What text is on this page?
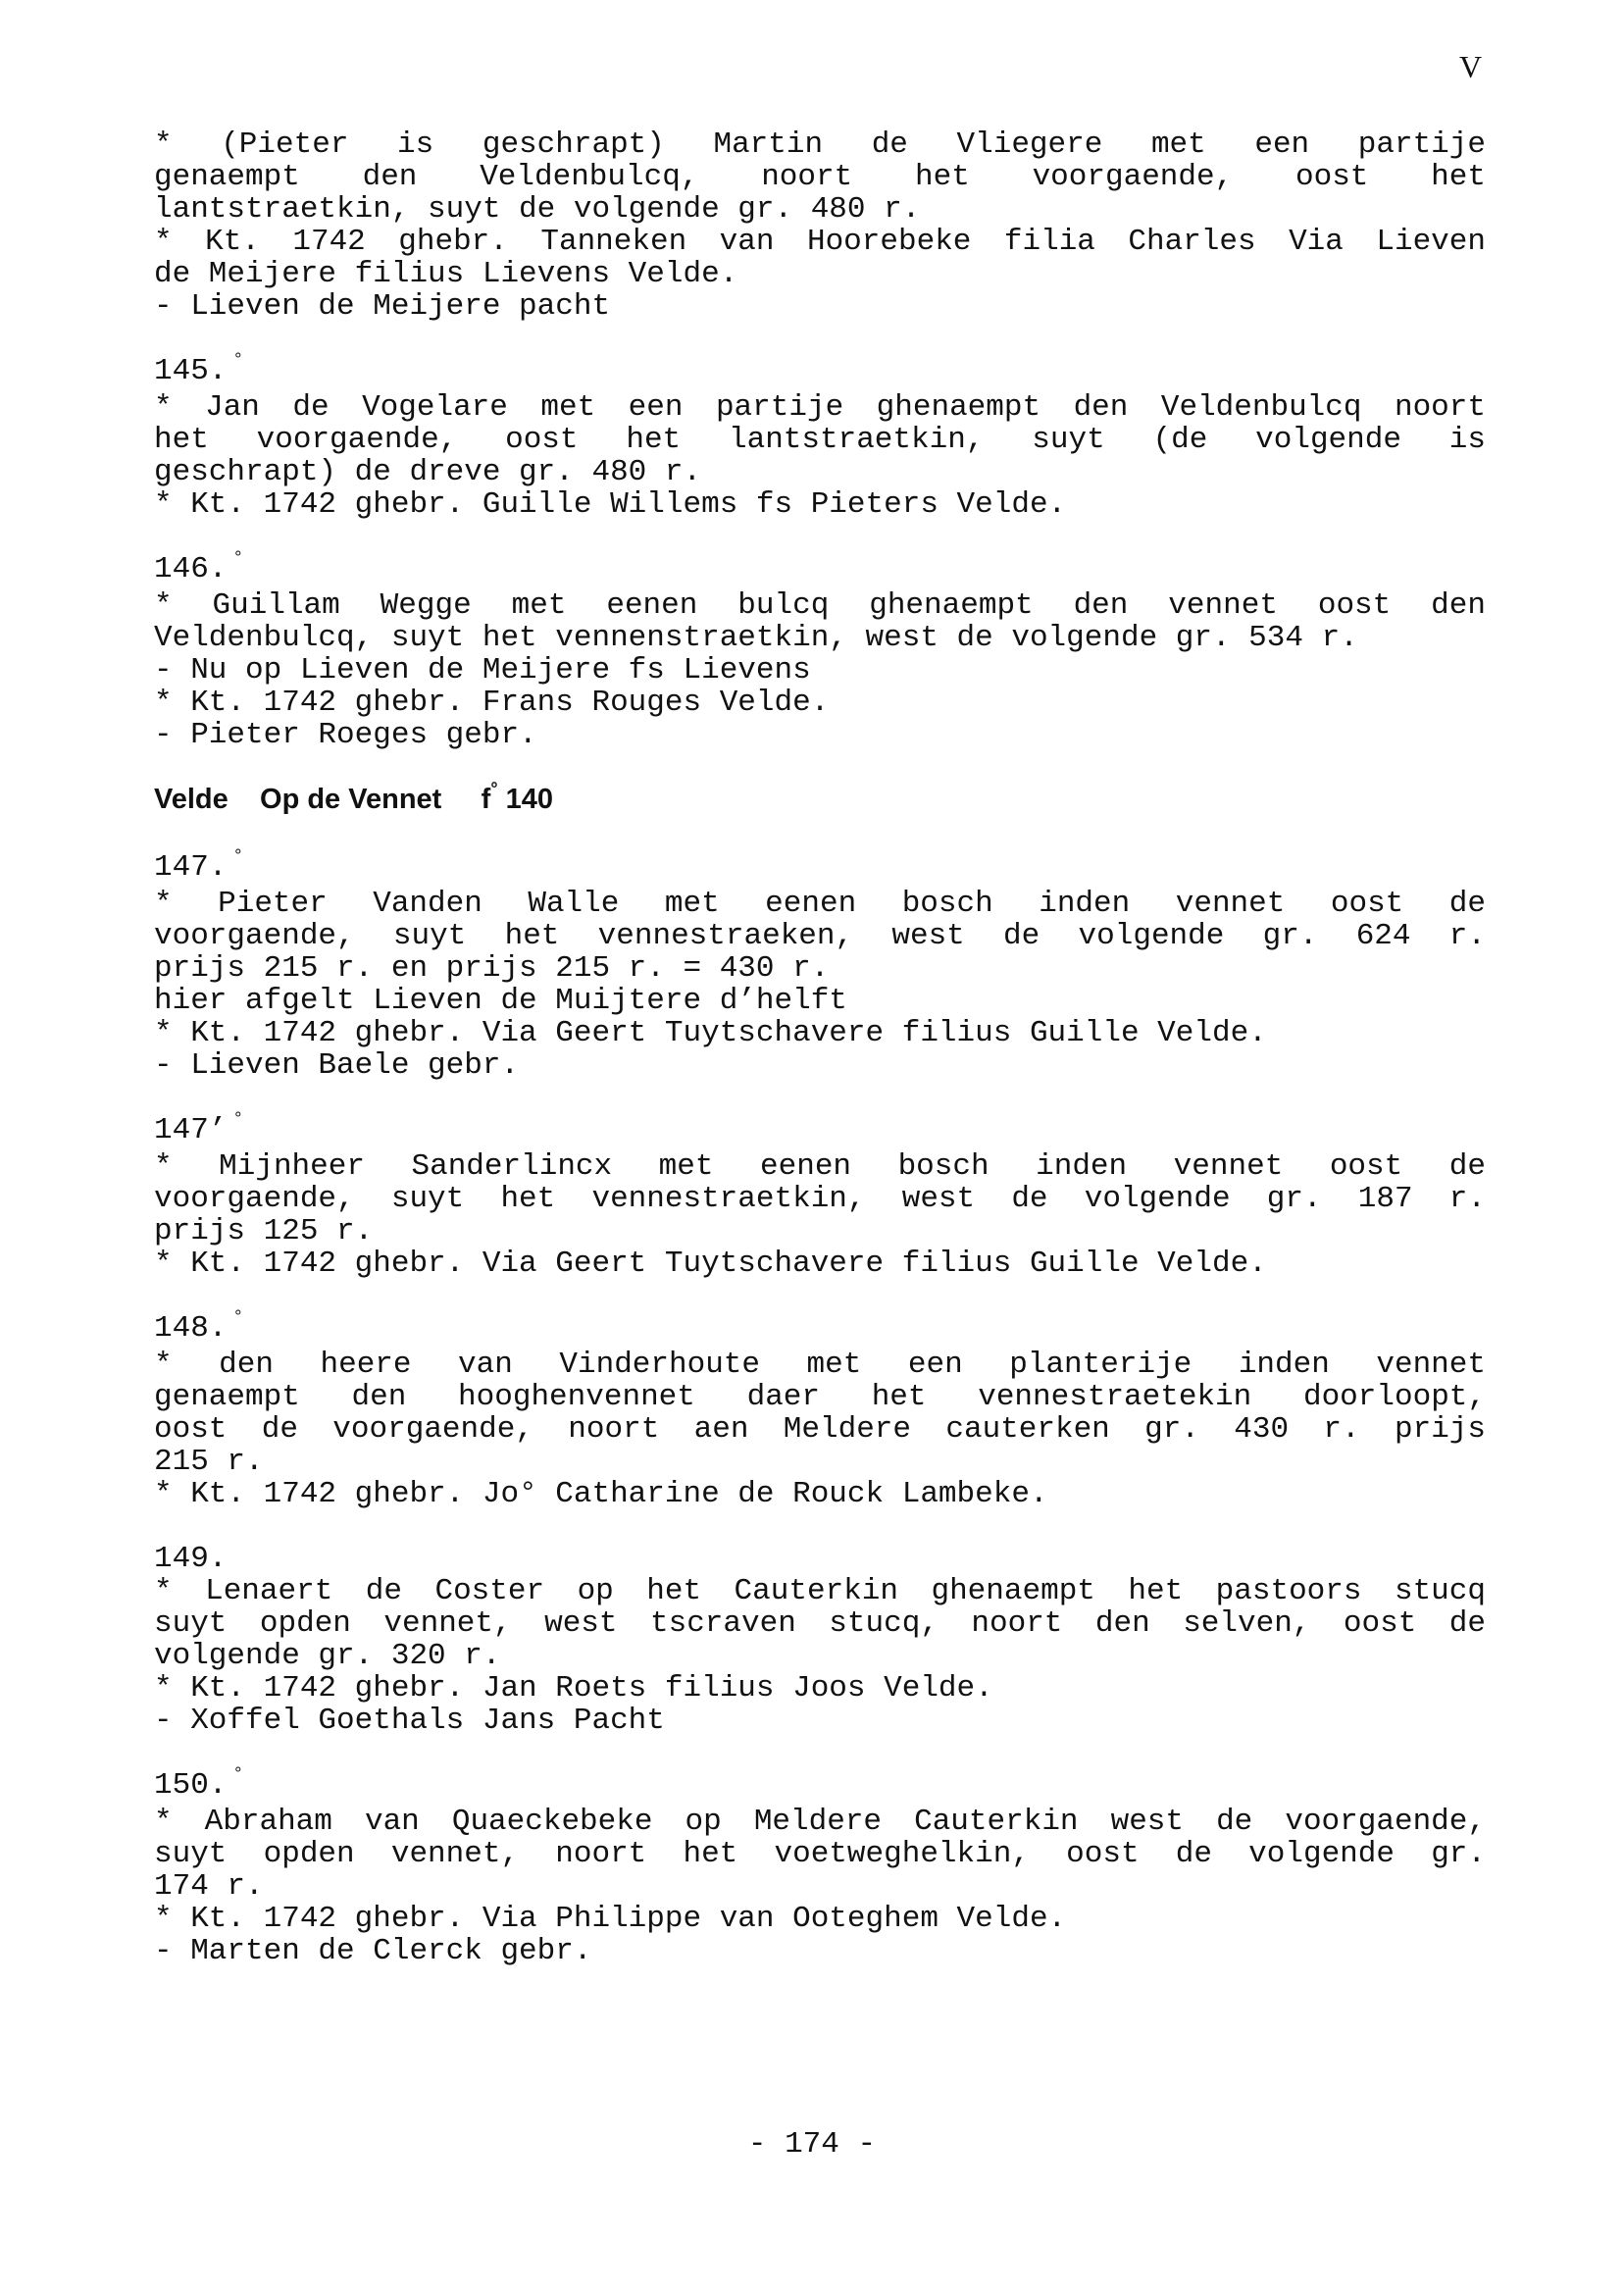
V
* (Pieter is geschrapt) Martin de Vliegere met een partije
genaempt den Veldenbulcq, noort het voorgaende, oost het
lantstraetkin, suyt de volgende gr. 480 r.
* Kt. 1742 ghebr. Tanneken van Hoorebeke filia Charles Via Lieven
de Meijere filius Lievens Velde.
- Lieven de Meijere pacht
145. °
* Jan de Vogelare met een partije ghenaempt den Veldenbulcq noort
het voorgaende, oost het lantstraetkin, suyt (de volgende is
geschrapt) de dreve gr. 480 r.
* Kt. 1742 ghebr. Guille Willems fs Pieters Velde.
146. °
* Guillam Wegge met eenen bulcq ghenaempt den vennet oost den
Veldenbulcq, suyt het vennenstraetkin, west de volgende gr. 534 r.
- Nu op Lieven de Meijere fs Lievens
* Kt. 1742 ghebr. Frans Rouges Velde.
- Pieter Roeges gebr.
Velde Op de Vennet f° 140
147. °
* Pieter Vanden Walle met eenen bosch inden vennet oost de
voorgaende, suyt het vennestraeken, west de volgende gr. 624 r.
prijs 215 r. en prijs 215 r. = 430 r.
hier afgelt Lieven de Muijtere d’helft
* Kt. 1742 ghebr. Via Geert Tuytschavere filius Guille Velde.
- Lieven Baele gebr.
147’ °
* Mijnheer Sanderlincx met eenen bosch inden vennet oost de
voorgaende, suyt het vennestraetkin, west de volgende gr. 187 r.
prijs 125 r.
* Kt. 1742 ghebr. Via Geert Tuytschavere filius Guille Velde.
148. °
* den heere van Vinderhoute met een planterije inden vennet
genaempt den hooghenvennet daer het vennestraetekin doorloopt,
oost de voorgaende, noort aen Meldere cauterken gr. 430 r. prijs
215 r.
* Kt. 1742 ghebr. Jo° Catharine de Rouck Lambeke.
149.
* Lenaert de Coster op het Cauterkin ghenaempt het pastoors stucq
suyt opden vennet, west tscraven stucq, noort den selven, oost de
volgende gr. 320 r.
* Kt. 1742 ghebr. Jan Roets filius Joos Velde.
- Xoffel Goethals Jans Pacht
150. °
* Abraham van Quaeckebeke op Meldere Cauterkin west de voorgaende,
suyt opden vennet, noort het voetweghelkin, oost de volgende gr.
174 r.
* Kt. 1742 ghebr. Via Philippe van Ooteghem Velde.
- Marten de Clerck gebr.
- 174 -
